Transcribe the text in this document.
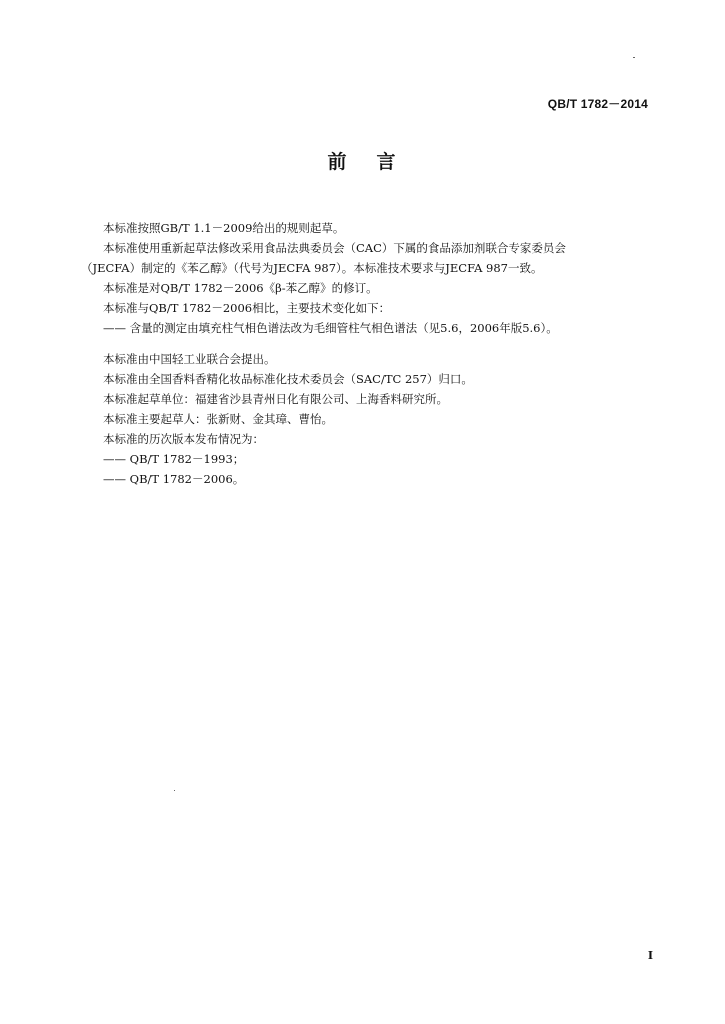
QB/T 1782－2014
前 言
本标准按照GB/T 1.1－2009给出的规则起草。
本标准使用重新起草法修改采用食品法典委员会（CAC）下属的食品添加剂联合专家委员会
（JECFA）制定的《苯乙醇》（代号为JECFA 987）。本标准技术要求与JECFA 987一致。
本标准是对QB/T 1782－2006《β-苯乙醇》的修订。
本标准与QB/T 1782－2006相比，主要技术变化如下：
—— 含量的测定由填充柱气相色谱法改为毛细管柱气相色谱法（见5.6，2006年版5.6）。
本标准由中国轻工业联合会提出。
本标准由全国香料香精化妆品标准化技术委员会（SAC/TC 257）归口。
本标准起草单位：福建省沙县青州日化有限公司、上海香料研究所。
本标准主要起草人：张新财、金其璋、曹怡。
本标准的历次版本发布情况为：
—— QB/T 1782－1993；
—— QB/T 1782－2006。
I
